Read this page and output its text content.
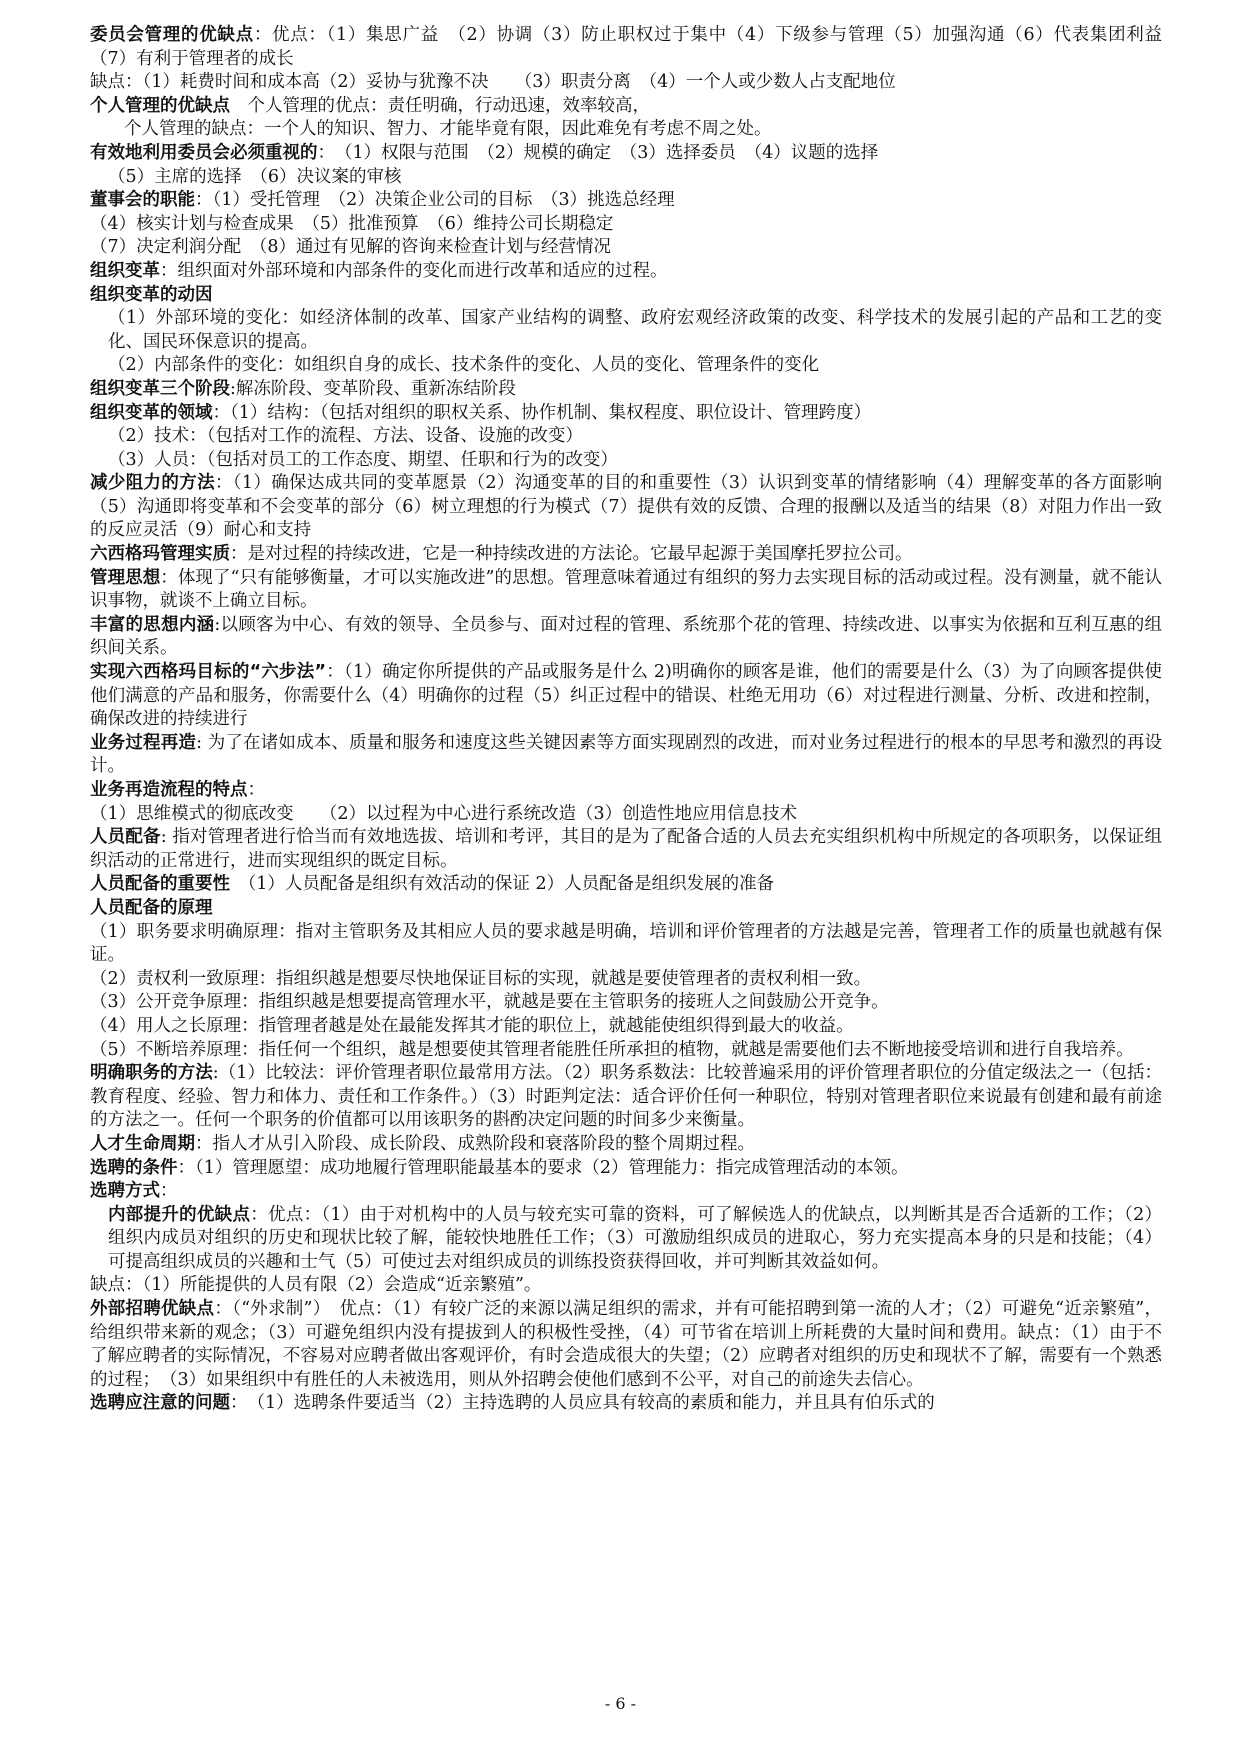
委员会管理的优缺点：优点：（1）集思广益　（2）协调（3）防止职权过于集中（4）下级参与管理（5）加强沟通（6）代表集团利益　（7）有利于管理者的成长

缺点：（1）耗费时间和成本高（2）妥协与犹豫不决　　（3）职责分离　（4）一个人或少数人占支配地位

个人管理的优缺点　个人管理的优点：责任明确，行动迅速，效率较高，

个人管理的缺点：一个人的知识、智力、才能毕竟有限，因此难免有考虑不周之处。

有效地利用委员会必须重视的：　（1）权限与范围　（2）规模的确定　（3）选择委员　（4）议题的选择

（5）主席的选择　（6）决议案的审核

董事会的职能：（1）受托管理　（2）决策企业公司的目标　（3）挑选总经理

（4）核实计划与检查成果　（5）批准预算　（6）维持公司长期稳定

（7）决定利润分配　（8）通过有见解的咨询来检查计划与经营情况

组织变革：组织面对外部环境和内部条件的变化而进行改革和适应的过程。

组织变革的动因

（1）外部环境的变化：如经济体制的改革、国家产业结构的调整、政府宏观经济政策的改变、科学技术的发展引起的产品和工艺的变化、国民环保意识的提高。

（2）内部条件的变化：如组织自身的成长、技术条件的变化、人员的变化、管理条件的变化

组织变革三个阶段:解冻阶段、变革阶段、重新冻结阶段

组织变革的领域：（1）结构：（包括对组织的职权关系、协作机制、集权程度、职位设计、管理跨度）

（2）技术：（包括对工作的流程、方法、设备、设施的改变）

（3）人员：（包括对员工的工作态度、期望、任职和行为的改变）

减少阻力的方法：（1）确保达成共同的变革愿景（2）沟通变革的目的和重要性（3）认识到变革的情绪影响（4）理解变革的各方面影响（5）沟通即将变革和不会变革的部分（6）树立理想的行为模式（7）提供有效的反馈、合理的报酬以及适当的结果（8）对阻力作出一致的反应灵活（9）耐心和支持

六西格玛管理实质：是对过程的持续改进，它是一种持续改进的方法论。它最早起源于美国摩托罗拉公司。

管理思想：体现了“只有能够衡量，才可以实施改进”的思想。管理意味着通过有组织的努力去实现目标的活动或过程。没有测量，就不能认识事物，就谈不上确立目标。

丰富的思想内涵:以顾客为中心、有效的领导、全员参与、面对过程的管理、系统那个花的管理、持续改进、以事实为依据和互利互惠的组织间关系。

实现六西格玛目标的“六步法”：（1）确定你所提供的产品或服务是什么 2)明确你的顾客是谁，他们的需要是什么（3）为了向顾客提供使他们满意的产品和服务，你需要什么（4）明确你的过程（5）纠正过程中的错误、杜绝无用功（6）对过程进行测量、分析、改进和控制，确保改进的持续进行

业务过程再造: 为了在诸如成本、质量和服务和速度这些关键因素等方面实现剧烈的改进，而对业务过程进行的根本的早思考和激烈的再设计。

业务再造流程的特点：

（1）思维模式的彻底改变　　（2）以过程为中心进行系统改造（3）创造性地应用信息技术

人员配备: 指对管理者进行恰当而有效地选拔、培训和考评，其目的是为了配备合适的人员去充实组织机构中所规定的各项职务，以保证组织活动的正常进行，进而实现组织的既定目标。

人员配备的重要性　（1）人员配备是组织有效活动的保证 2）人员配备是组织发展的准备

人员配备的原理

（1）职务要求明确原理：指对主管职务及其相应人员的要求越是明确，培训和评价管理者的方法越是完善，管理者工作的质量也就越有保证。

（2）责权利一致原理：指组织越是想要尽快地保证目标的实现，就越是要使管理者的责权利相一致。

（3）公开竞争原理：指组织越是想要提高管理水平，就越是要在主管职务的接班人之间鼓励公开竞争。

（4）用人之长原理：指管理者越是处在最能发挥其才能的职位上，就越能使组织得到最大的收益。

（5）不断培养原理：指任何一个组织，越是想要使其管理者能胜任所承担的植物，就越是需要他们去不断地接受培训和进行自我培养。

明确职务的方法:（1）比较法：评价管理者职位最常用方法。（2）职务系数法：比较普遍采用的评价管理者职位的分值定级法之一（包括：教育程度、经验、智力和体力、责任和工作条件。）（3）时距判定法：适合评价任何一种职位，特别对管理者职位来说最有创建和最有前途的方法之一。任何一个职务的价值都可以用该职务的斟酌决定问题的时间多少来衡量。

人才生命周期：指人才从引入阶段、成长阶段、成熟阶段和衰落阶段的整个周期过程。

选聘的条件：（1）管理愿望：成功地履行管理职能最基本的要求（2）管理能力：指完成管理活动的本领。

选聘方式：

内部提升的优缺点：优点：（1）由于对机构中的人员与较充实可靠的资料，可了解候选人的优缺点，以判断其是否合适新的工作；（2）组织内成员对组织的历史和现状比较了解，能较快地胜任工作；（3）可激励组织成员的进取心，努力充实提高本身的只是和技能；（4）可提高组织成员的兴趣和士气（5）可使过去对组织成员的训练投资获得回收，并可判断其效益如何。

缺点：（1）所能提供的人员有限（2）会造成“近亲繁殖”。

外部招聘优缺点：（“外求制”）　优点：（1）有较广泛的来源以满足组织的需求，并有可能招聘到第一流的人才；（2）可避免“近亲繁殖”，给组织带来新的观念；（3）可避免组织内没有提拔到人的积极性受挫，（4）可节省在培训上所耗费的大量时间和费用。缺点：（1）由于不了解应聘者的实际情况，不容易对应聘者做出客观评价，有时会造成很大的失望；（2）应聘者对组织的历史和现状不了解，需要有一个熟悉的过程；　（3）如果组织中有胜任的人未被选用，则从外招聘会使他们感到不公平，对自己的前途失去信心。

选聘应注意的问题：　（1）选聘条件要适当（2）主持选聘的人员应具有较高的素质和能力，并且具有伯乐式的

- 6 -
